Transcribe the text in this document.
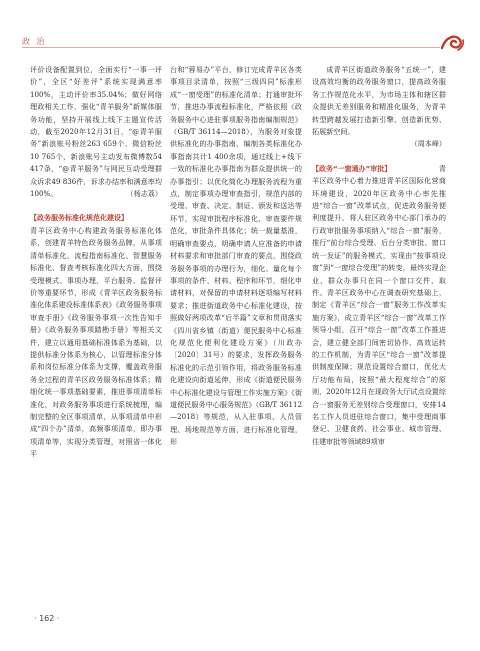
政 治

评价设备配置到位，全面实行“一事一评价”，全区“好差评”系统实现满意率100%，主动评价率35.04%；做好网络理政相关工作，强化“青羊服务”新媒体服务功能，坚持开展线上线下主题宣传活动，截至2020年12月31日，“@青羊服务”新浪账号粉丝263 659个、微信粉丝10 765个，新浪账号主动发布微博数54 417条，“@青羊服务”与网民互动受理群众诉求49 836件，诉求办结率和满意率均100%。	（杨志荔）

【政务服务标准化规范化建设】

青羊区政务中心构建政务服务标准化体系，创建青羊特色政务服务品牌，从事项清单标准化、流程指南标准化、智慧服务标准化、督查考核标准化四大方面，围绕受理模式、事项办理、平台服务、监督评价等重要环节，形成《青羊区政务服务标准化体系建设标准体系表》《政务服务事项审查手册》《政务服务事项一次性告知手册》《政务服务事项踏勘手册》等相关文件，建立以通用基础标准体系为基础，以提供标准分体系为核心，以管理标准分体系和岗位标准分体系为支撑，覆盖政务服务全过程的青羊区政务服务标准体系；精细化统一事项基础要素，推进事项清单标准化，对政务服务事项进行系统梳理，编制完整的全区事项清单，从事项清单中形成“四个办”清单，高频事项清单，即办事项清单等，实现分类管理，对照省一体化平

台和“蓉易办”平台，修订完成青羊区各类事项目录清单，按照“三级四同”标准形成“一窗受理”的标准化清单；打通审批环节，推进办事流程标准化，严格依照《政务服务中心进驻事项服务指南编制规范》（GB/T 36114—2018），为服务对象提供标准化的办事指南，编制各类标准化办事指南共计1 400余项，通过线上+线下一致的标准化办事指南为群众提供统一的办事指引；以优化简化办理服务流程为重点，制定事项办理审查指引，规范内部的受理、审查、决定、制证、颁发和送达等环节，实现审批程序标准化，审查要件规范化，审批条件具体化；统一裁量基准，明确审查要点，明确申请人应准备的申请材料要求和审批部门审查的要点，围绕政务服务事项的办理行为，细化、量化每个事项的条件、材料、程序和环节，细化申请材料，对保留的申请材料逐项编写材料要求；推进街道政务中心标准化建设，按照做好两项改革“后半篇”文章和贯彻落实《四川省乡镇（街道）便民服务中心标准化规范化便利化建设方案》（川政办〔2020〕31号）的要求，发挥政务服务标准化的示范引领作用，将政务服务标准化建设向街道延伸，形成《街道便民服务中心标准化建设与管理工作实施方案》《街道便民服务中心服务规范》（GB/T 36112—2018）等规范，从入驻事项、人员管理、场地规范等方面，进行标准化管理，形

成青羊区街道政务服务“五统一”，建设高效均衡的政务服务窗口，提高政务服务工作规范化水平，为市场主体和辖区群众提供无差别服务和精准化服务，为青羊转型跨越发展打造新引擎、创造新优势、拓展新空间。

（周本峰）

【政务“一窗通办”审批】	青

羊区政务中心着力推进青羊区国际化营商环境建设，2020年区政务中心率先推进“综合一窗”改革试点，促进政务服务便利度提升，将人驻区政务中心部门承办的行政审批服务事项纳入“综合一窗”服务，推行“前台综合受理、后台分类审批、窗口统一发证”的服务模式，实现由“按事项设窗”到“一窗综合受理”的转变，最终实现企业、群众办事只在同一个窗口交件、取件。青羊区政务中心在调查研究基础上，制定《青羊区“综合一窗”服务工作改革实施方案》，成立青羊区“综合一窗”改革工作领导小组，召开“综合一窗”改革工作推进会，建立健全部门间密切协作、高效运转的工作机制，为青羊区“综合一窗”改革提供制度保障；规范设置综合窗口，优化大厅功能布局，按照“最大程度综合”的原则，2020年12月在现政务大厅试点设置综合一窗服务无差别综合受理窗口，安排14名工作人员进驻综合窗口，集中受理商事登记、卫健食药、社会事业、城市管理、住建审批等领域89项审

· 162 ·
